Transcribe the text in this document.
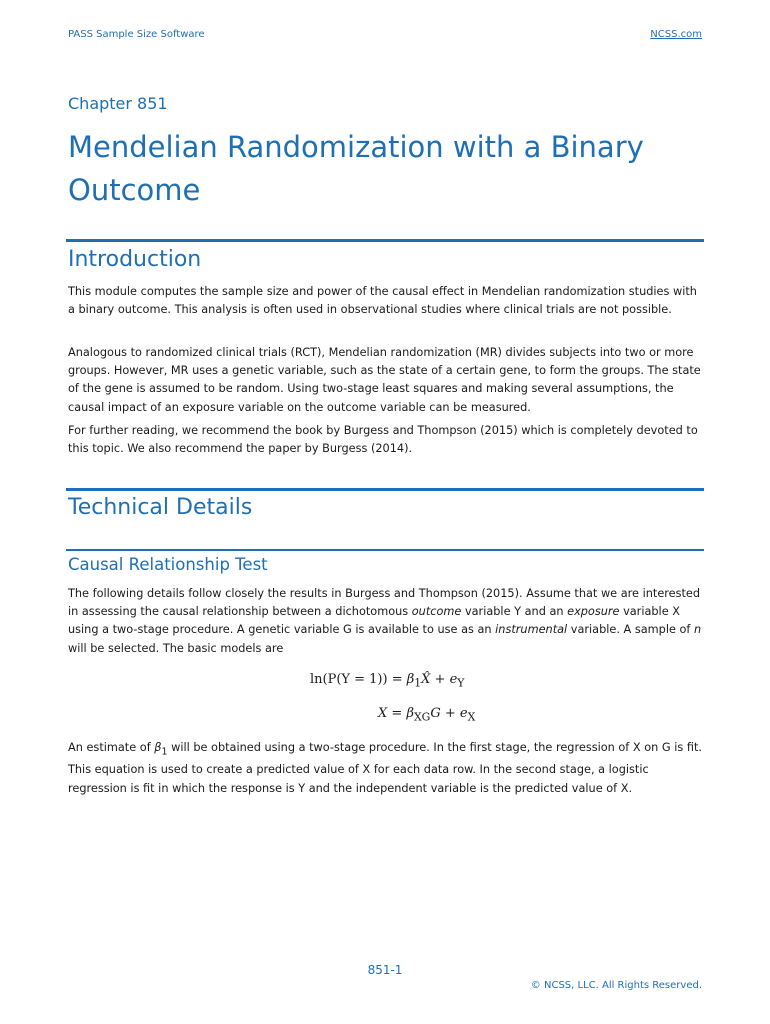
PASS Sample Size Software	NCSS.com
Chapter 851
Mendelian Randomization with a Binary Outcome
Introduction

This module computes the sample size and power of the causal effect in Mendelian randomization studies with a binary outcome. This analysis is often used in observational studies where clinical trials are not possible.

Analogous to randomized clinical trials (RCT), Mendelian randomization (MR) divides subjects into two or more groups. However, MR uses a genetic variable, such as the state of a certain gene, to form the groups. The state of the gene is assumed to be random. Using two-stage least squares and making several assumptions, the causal impact of an exposure variable on the outcome variable can be measured.

For further reading, we recommend the book by Burgess and Thompson (2015) which is completely devoted to this topic. We also recommend the paper by Burgess (2014).

Technical Details
Causal Relationship Test

The following details follow closely the results in Burgess and Thompson (2015). Assume that we are interested in assessing the causal relationship between a dichotomous outcome variable Y and an exposure variable X using a two-stage procedure. A genetic variable G is available to use as an instrumental variable. A sample of n will be selected. The basic models are

$\ln(P(Y = 1)) = \beta_1X̂ + e_Y$
$X = \beta_{XG}G + e_X$

An estimate of $\beta_1$ will be obtained using a two-stage procedure. In the first stage, the regression of X on G is fit. This equation is used to create a predicted value of X for each data row. In the second stage, a logistic regression is fit in which the response is Y and the independent variable is the predicted value of X.

851-1
© NCSS, LLC. All Rights Reserved.
